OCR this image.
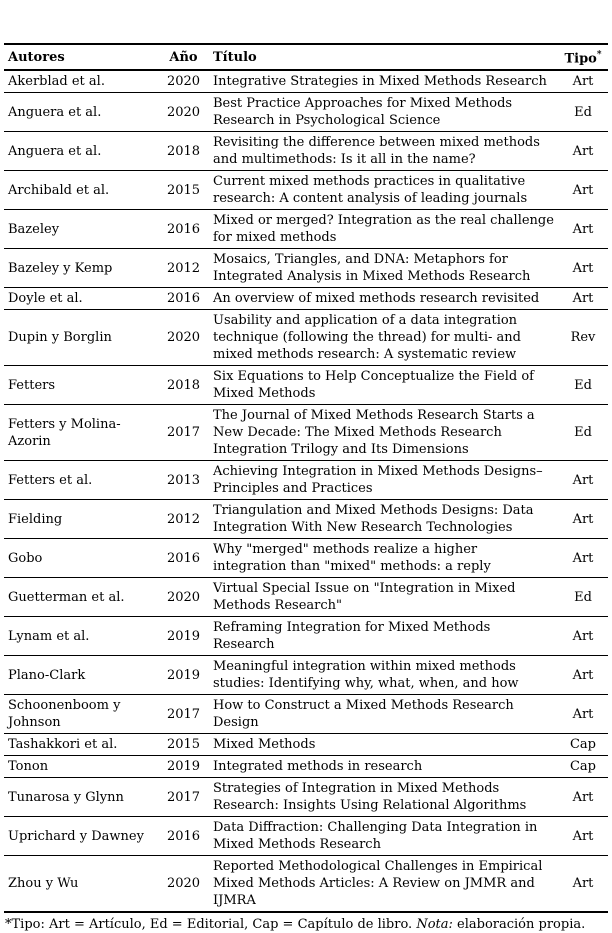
Autores	Año	Título	Tipo*
Akerblad et al.	2020	Integrative Strategies in Mixed Methods Research	Art
Anguera et al.	2020	Best Practice Approaches for Mixed Methods Research in Psychological Science	Ed
Anguera et al.	2018	Revisiting the difference between mixed methods and multimethods: Is it all in the name?	Art
Archibald et al.	2015	Current mixed methods practices in qualitative research: A content analysis of leading journals	Art
Bazeley	2016	Mixed or merged? Integration as the real challenge for mixed methods	Art
Bazeley y Kemp	2012	Mosaics, Triangles, and DNA: Metaphors for Integrated Analysis in Mixed Methods Research	Art
Doyle et al.	2016	An overview of mixed methods research revisited	Art
Dupin y Borglin	2020	Usability and application of a data integration technique (following the thread) for multi- and mixed methods research: A systematic review	Rev
Fetters	2018	Six Equations to Help Conceptualize the Field of Mixed Methods	Ed
Fetters y Molina-Azorin	2017	The Journal of Mixed Methods Research Starts a New Decade: The Mixed Methods Research Integration Trilogy and Its Dimensions	Ed
Fetters et al.	2013	Achieving Integration in Mixed Methods Designs–Principles and Practices	Art
Fielding	2012	Triangulation and Mixed Methods Designs: Data Integration With New Research Technologies	Art
Gobo	2016	Why "merged" methods realize a higher integration than "mixed" methods: a reply	Art
Guetterman et al.	2020	Virtual Special Issue on "Integration in Mixed Methods Research"	Ed
Lynam et al.	2019	Reframing Integration for Mixed Methods Research	Art
Plano-Clark	2019	Meaningful integration within mixed methods studies: Identifying why, what, when, and how	Art
Schoonenboom y Johnson	2017	How to Construct a Mixed Methods Research Design	Art
Tashakkori et al.	2015	Mixed Methods	Cap
Tonon	2019	Integrated methods in research	Cap
Tunarosa y Glynn	2017	Strategies of Integration in Mixed Methods Research: Insights Using Relational Algorithms	Art
Uprichard y Dawney	2016	Data Diffraction: Challenging Data Integration in Mixed Methods Research	Art
Zhou y Wu	2020	Reported Methodological Challenges in Empirical Mixed Methods Articles: A Review on JMMR and IJMRA	Art
*Tipo: Art = Artículo, Ed = Editorial, Cap = Capítulo de libro. Nota: elaboración propia.
